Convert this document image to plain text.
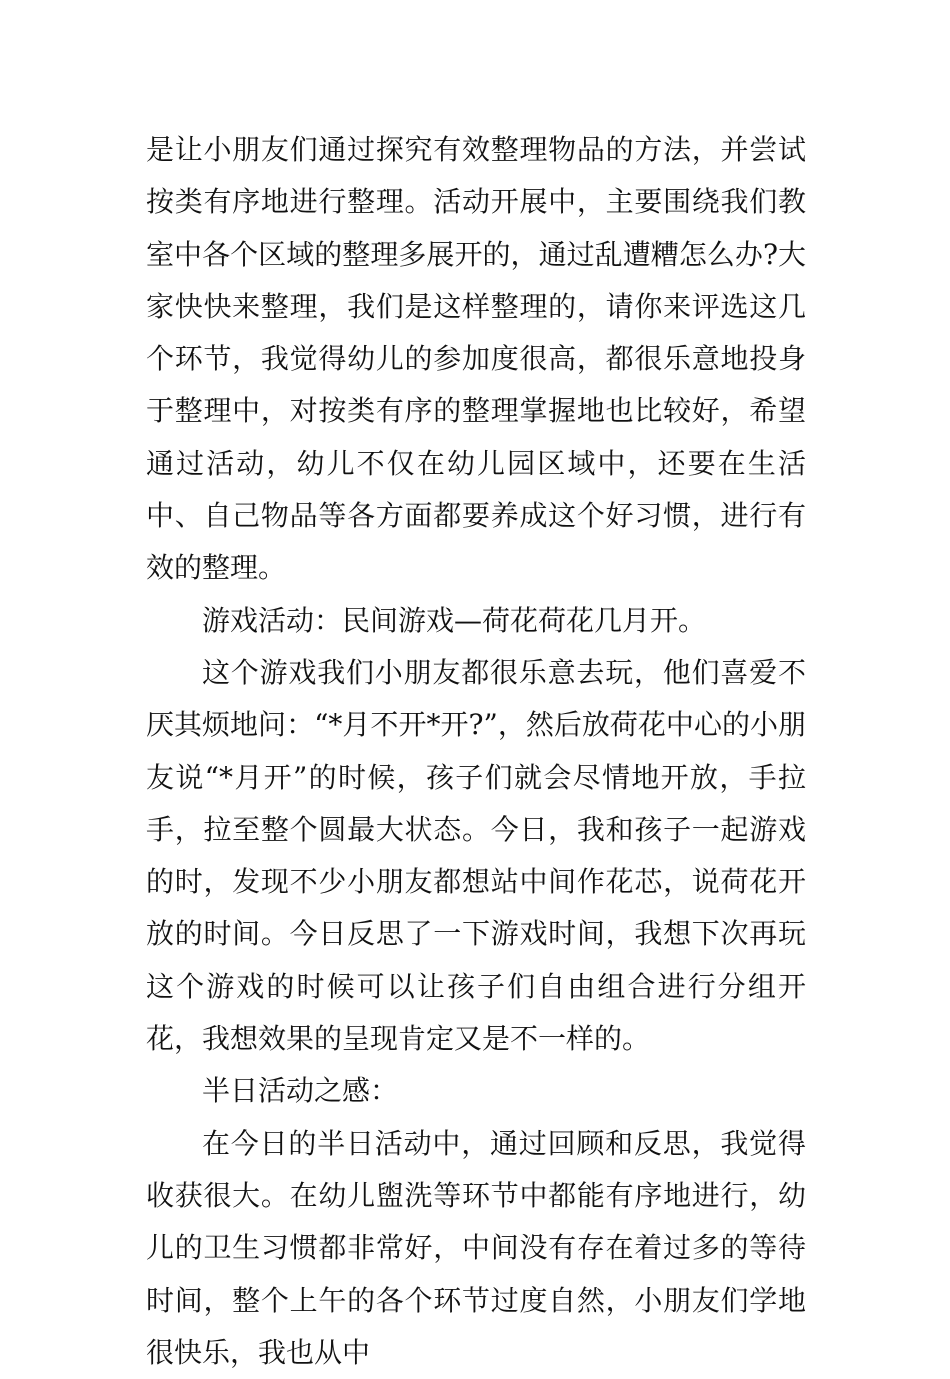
是让小朋友们通过探究有效整理物品的方法，并尝试按类有序地进行整理。活动开展中，主要围绕我们教室中各个区域的整理多展开的，通过乱遭糟怎么办?大家快快来整理，我们是这样整理的，请你来评选这几个环节，我觉得幼儿的参加度很高，都很乐意地投身于整理中，对按类有序的整理掌握地也比较好，希望通过活动，幼儿不仅在幼儿园区域中，还要在生活中、自己物品等各方面都要养成这个好习惯，进行有效的整理。

游戏活动：民间游戏—荷花荷花几月开。

这个游戏我们小朋友都很乐意去玩，他们喜爱不厌其烦地问：“*月不开*开?”，然后放荷花中心的小朋友说“*月开”的时候，孩子们就会尽情地开放，手拉手，拉至整个圆最大状态。今日，我和孩子一起游戏的时，发现不少小朋友都想站中间作花芯，说荷花开放的时间。今日反思了一下游戏时间，我想下次再玩这个游戏的时候可以让孩子们自由组合进行分组开花，我想效果的呈现肯定又是不一样的。

半日活动之感：

在今日的半日活动中，通过回顾和反思，我觉得收获很大。在幼儿盥洗等环节中都能有序地进行，幼儿的卫生习惯都非常好，中间没有存在着过多的等待时间，整个上午的各个环节过度自然，小朋友们学地很快乐，我也从中
